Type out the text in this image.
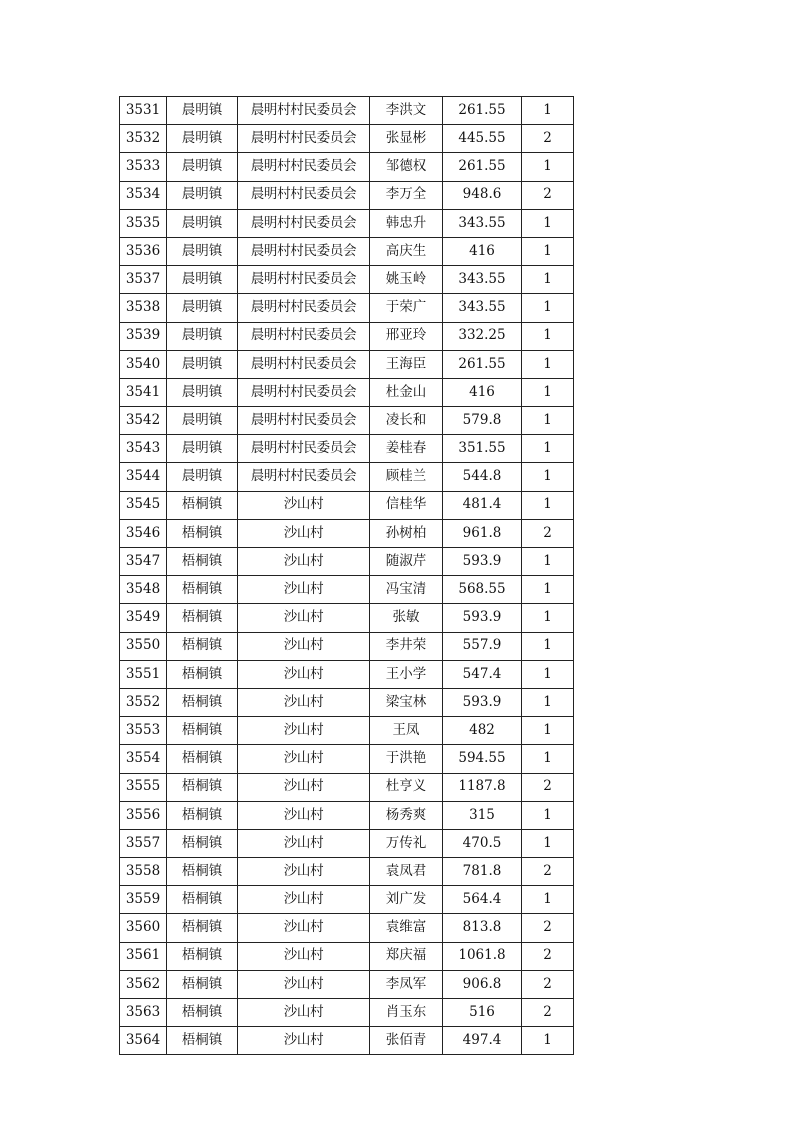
3531	晨明镇	晨明村村民委员会	李洪文	261.55	1
3532	晨明镇	晨明村村民委员会	张显彬	445.55	2
3533	晨明镇	晨明村村民委员会	邹德权	261.55	1
3534	晨明镇	晨明村村民委员会	李万全	948.6	2
3535	晨明镇	晨明村村民委员会	韩忠升	343.55	1
3536	晨明镇	晨明村村民委员会	高庆生	416	1
3537	晨明镇	晨明村村民委员会	姚玉岭	343.55	1
3538	晨明镇	晨明村村民委员会	于荣广	343.55	1
3539	晨明镇	晨明村村民委员会	邢亚玲	332.25	1
3540	晨明镇	晨明村村民委员会	王海臣	261.55	1
3541	晨明镇	晨明村村民委员会	杜金山	416	1
3542	晨明镇	晨明村村民委员会	凌长和	579.8	1
3543	晨明镇	晨明村村民委员会	姜桂春	351.55	1
3544	晨明镇	晨明村村民委员会	顾桂兰	544.8	1
3545	梧桐镇	沙山村	信桂华	481.4	1
3546	梧桐镇	沙山村	孙树柏	961.8	2
3547	梧桐镇	沙山村	随淑芹	593.9	1
3548	梧桐镇	沙山村	冯宝清	568.55	1
3549	梧桐镇	沙山村	张敏	593.9	1
3550	梧桐镇	沙山村	李井荣	557.9	1
3551	梧桐镇	沙山村	王小学	547.4	1
3552	梧桐镇	沙山村	梁宝林	593.9	1
3553	梧桐镇	沙山村	王凤	482	1
3554	梧桐镇	沙山村	于洪艳	594.55	1
3555	梧桐镇	沙山村	杜亨义	1187.8	2
3556	梧桐镇	沙山村	杨秀爽	315	1
3557	梧桐镇	沙山村	万传礼	470.5	1
3558	梧桐镇	沙山村	袁凤君	781.8	2
3559	梧桐镇	沙山村	刘广发	564.4	1
3560	梧桐镇	沙山村	袁维富	813.8	2
3561	梧桐镇	沙山村	郑庆福	1061.8	2
3562	梧桐镇	沙山村	李凤军	906.8	2
3563	梧桐镇	沙山村	肖玉东	516	2
3564	梧桐镇	沙山村	张佰青	497.4	1
